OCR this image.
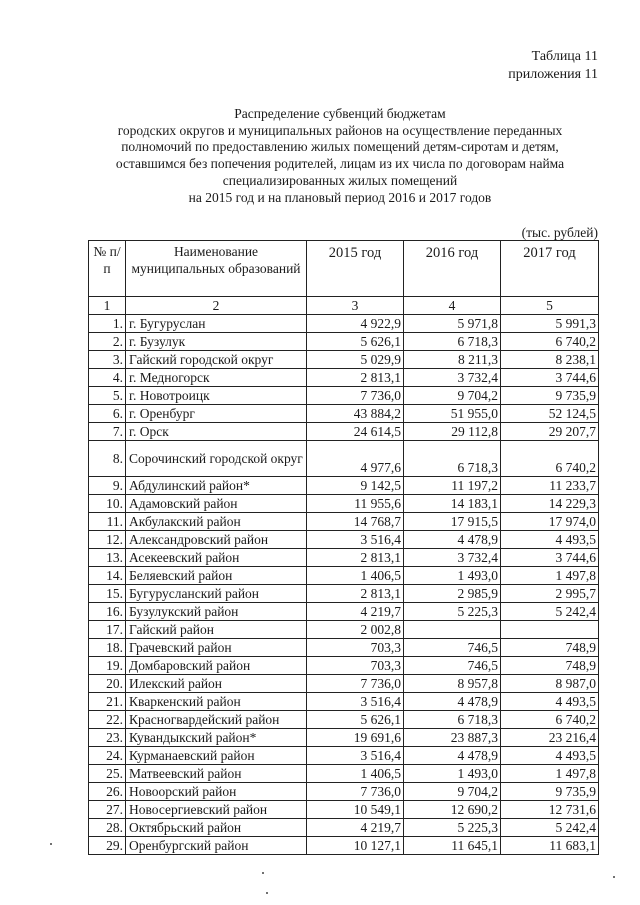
Таблица 11
приложения 11
Распределение субвенций бюджетам
городских округов и муниципальных районов на осуществление переданных
полномочий по предоставлению жилых помещений детям-сиротам и детям,
оставшимся без попечения родителей, лицам из их числа по договорам найма
специализированных жилых помещений
на 2015 год и на плановый период 2016 и 2017 годов
(тыс. рублей)
№ п/п	Наименование муниципальных образований	2015 год	2016 год	2017 год
1	2	3	4	5
1.	г. Бугуруслан	4 922,9	5 971,8	5 991,3
2.	г. Бузулук	5 626,1	6 718,3	6 740,2
3.	Гайский городской округ	5 029,9	8 211,3	8 238,1
4.	г. Медногорск	2 813,1	3 732,4	3 744,6
5.	г. Новотроицк	7 736,0	9 704,2	9 735,9
6.	г. Оренбург	43 884,2	51 955,0	52 124,5
7.	г. Орск	24 614,5	29 112,8	29 207,7
8.	Сорочинский городской округ	4 977,6	6 718,3	6 740,2
9.	Абдулинский район*	9 142,5	11 197,2	11 233,7
10.	Адамовский район	11 955,6	14 183,1	14 229,3
11.	Акбулакский район	14 768,7	17 915,5	17 974,0
12.	Александровский район	3 516,4	4 478,9	4 493,5
13.	Асекеевский район	2 813,1	3 732,4	3 744,6
14.	Беляевский район	1 406,5	1 493,0	1 497,8
15.	Бугурусланский район	2 813,1	2 985,9	2 995,7
16.	Бузулукский район	4 219,7	5 225,3	5 242,4
17.	Гайский район	2 002,8		
18.	Грачевский район	703,3	746,5	748,9
19.	Домбаровский район	703,3	746,5	748,9
20.	Илекский район	7 736,0	8 957,8	8 987,0
21.	Кваркенский район	3 516,4	4 478,9	4 493,5
22.	Красногвардейский район	5 626,1	6 718,3	6 740,2
23.	Кувандыкский район*	19 691,6	23 887,3	23 216,4
24.	Курманаевский район	3 516,4	4 478,9	4 493,5
25.	Матвеевский район	1 406,5	1 493,0	1 497,8
26.	Новоорский район	7 736,0	9 704,2	9 735,9
27.	Новосергиевский район	10 549,1	12 690,2	12 731,6
28.	Октябрьский район	4 219,7	5 225,3	5 242,4
29.	Оренбургский район	10 127,1	11 645,1	11 683,1
